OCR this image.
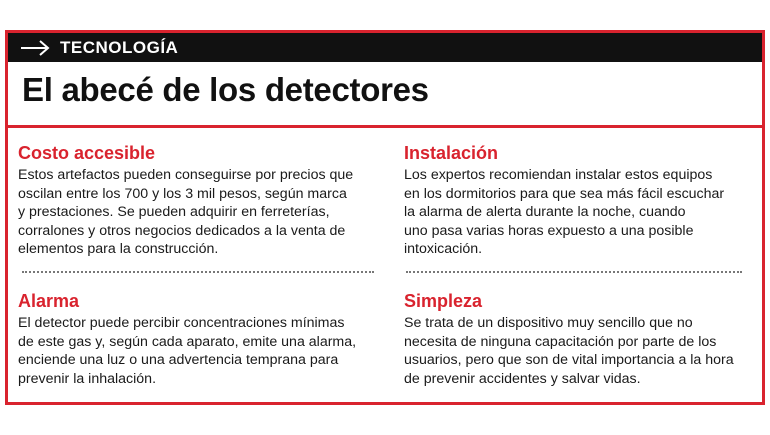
TECNOLOGÍA
El abecé de los detectores
Costo accesible

Estos artefactos pueden conseguirse por precios que
oscilan entre los 700 y los 3 mil pesos, según marca
y prestaciones. Se pueden adquirir en ferreterías,
corralones y otros negocios dedicados a la venta de
elementos para la construcción.

Instalación

Los expertos recomiendan instalar estos equipos
en los dormitorios para que sea más fácil escuchar
la alarma de alerta durante la noche, cuando
uno pasa varias horas expuesto a una posible
intoxicación.

Alarma

El detector puede percibir concentraciones mínimas
de este gas y, según cada aparato, emite una alarma,
enciende una luz o una advertencia temprana para
prevenir la inhalación.

Simpleza

Se trata de un dispositivo muy sencillo que no
necesita de ninguna capacitación por parte de los
usuarios, pero que son de vital importancia a la hora
de prevenir accidentes y salvar vidas.
